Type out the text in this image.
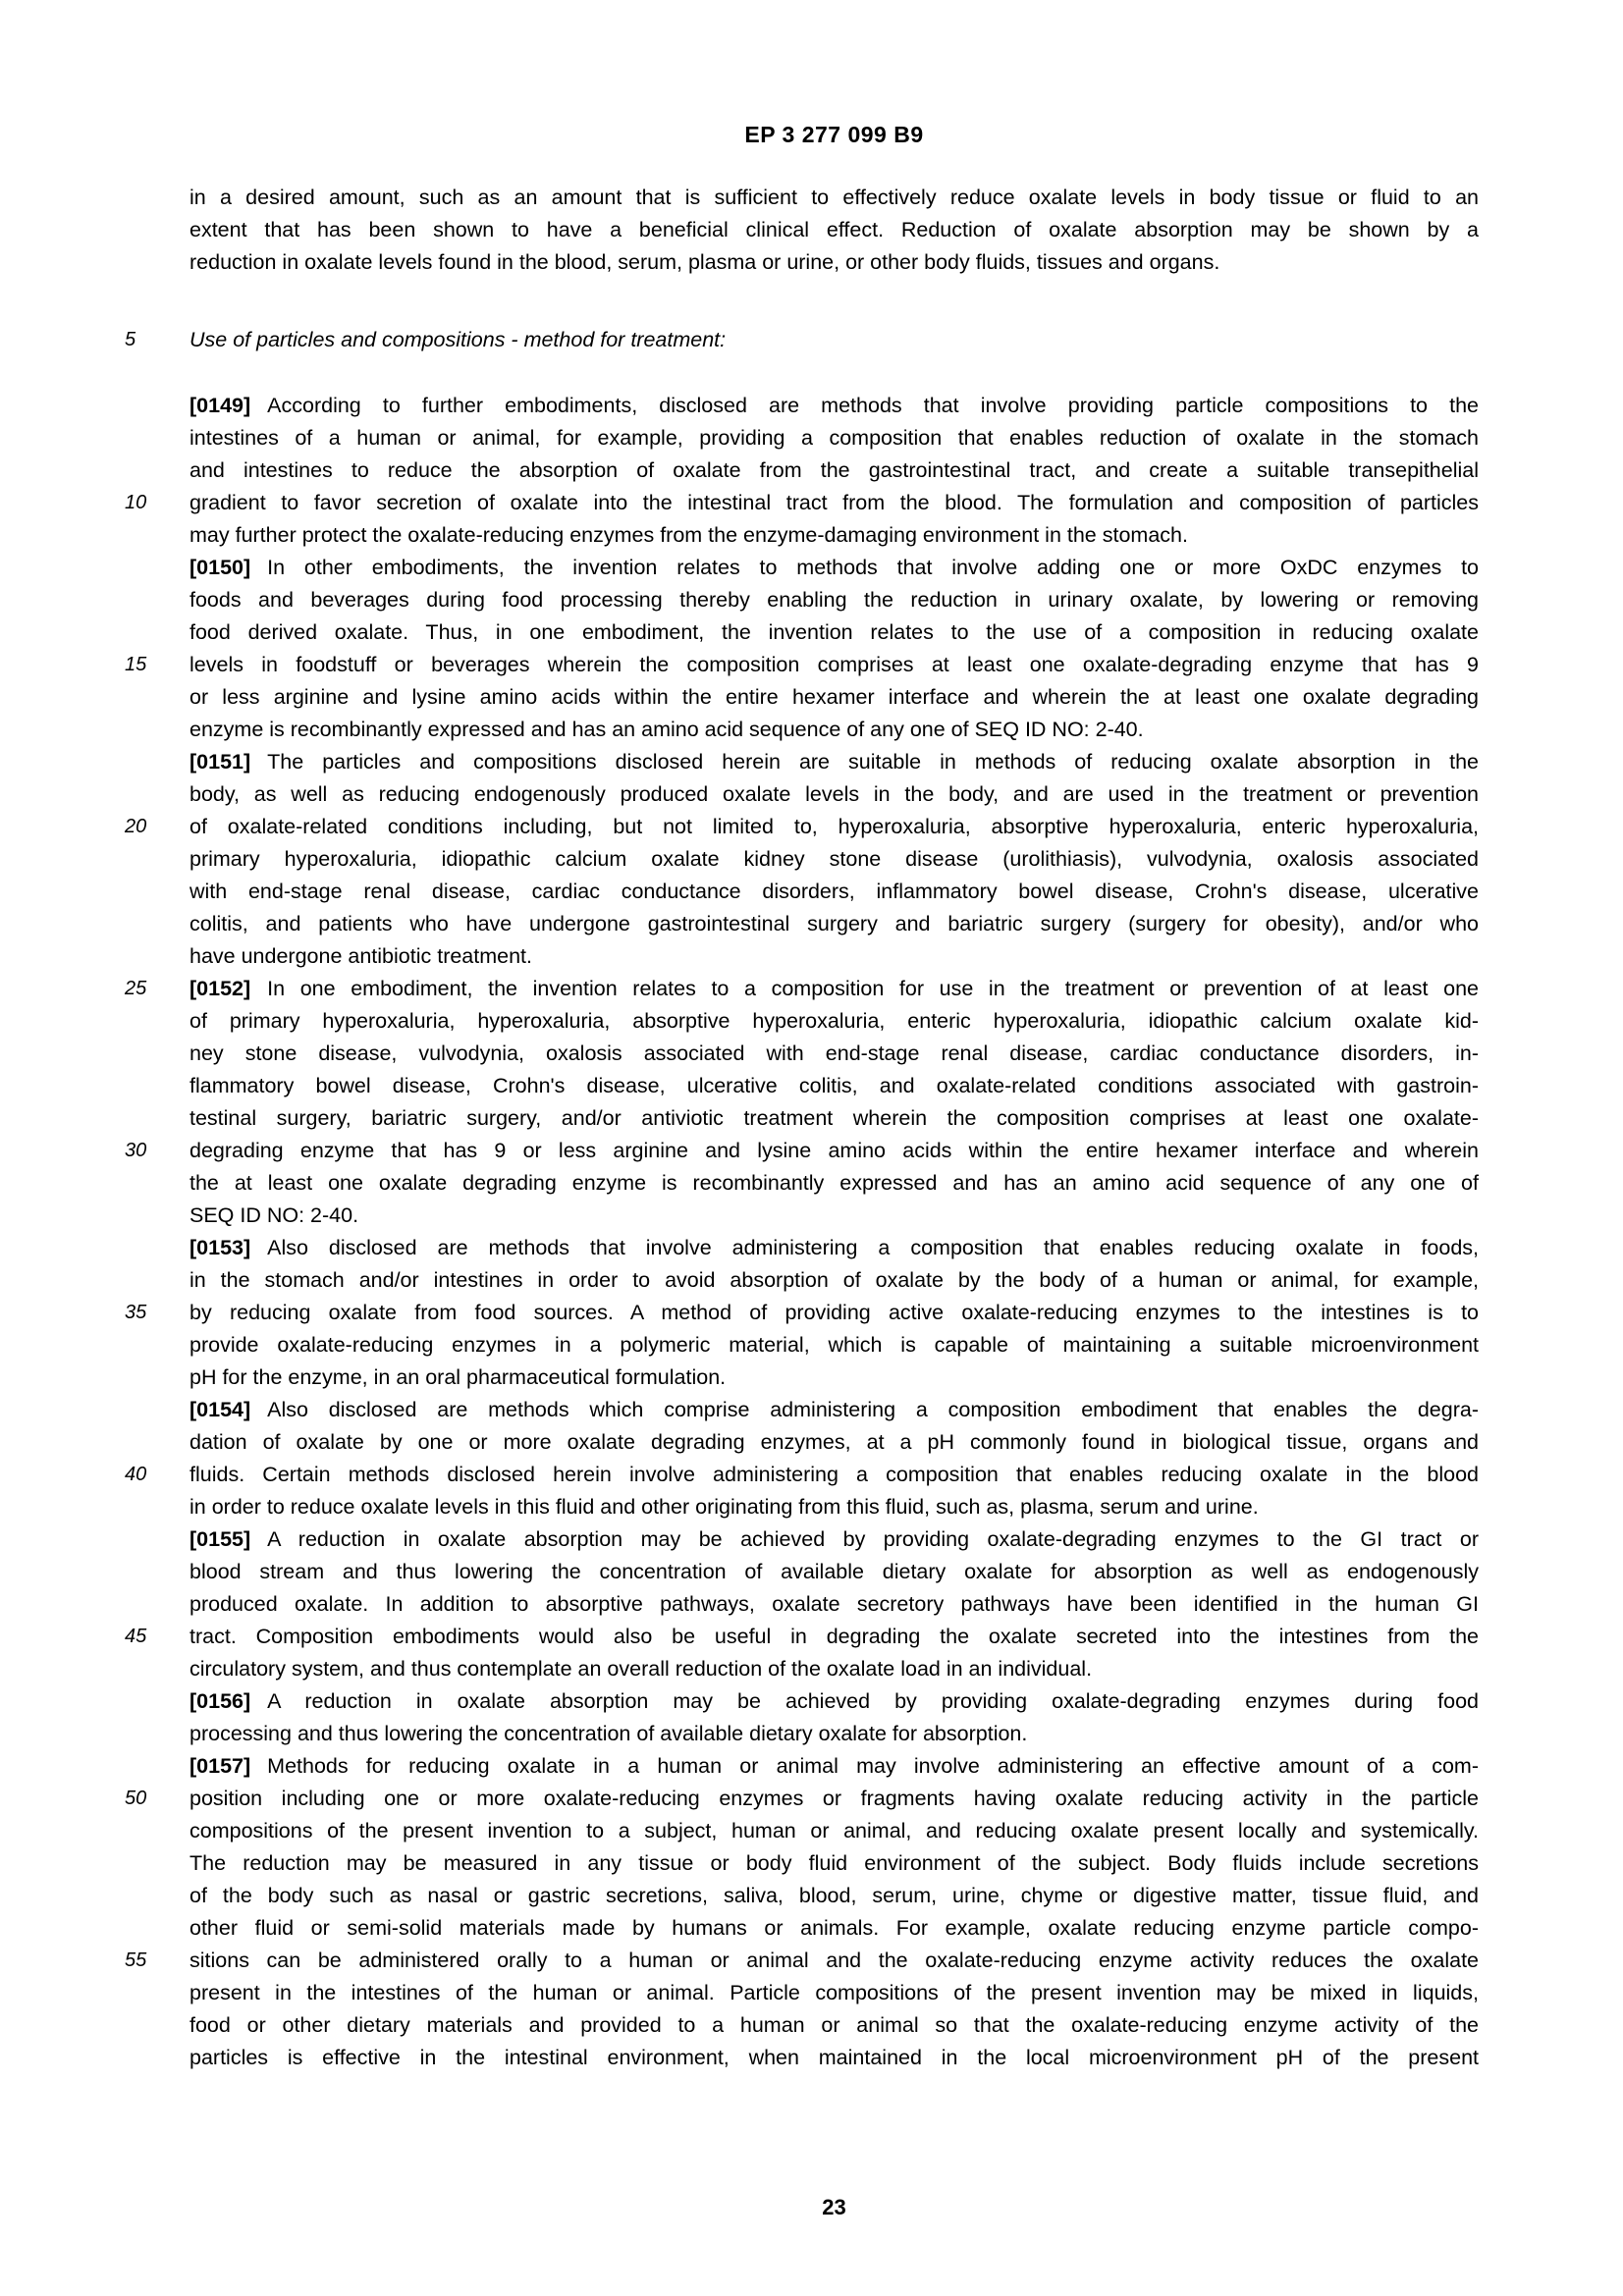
EP 3 277 099 B9
5
10
15
20
25
30
35
40
45
50
55
in a desired amount, such as an amount that is sufficient to effectively reduce oxalate levels in body tissue or fluid to an
extent that has been shown to have a beneficial clinical effect. Reduction of oxalate absorption may be shown by a
reduction in oxalate levels found in the blood, serum, plasma or urine, or other body fluids, tissues and organs.
Use of particles and compositions - method for treatment:
[0149] According to further embodiments, disclosed are methods that involve providing particle compositions to the
intestines of a human or animal, for example, providing a composition that enables reduction of oxalate in the stomach
and intestines to reduce the absorption of oxalate from the gastrointestinal tract, and create a suitable transepithelial
gradient to favor secretion of oxalate into the intestinal tract from the blood. The formulation and composition of particles
may further protect the oxalate-reducing enzymes from the enzyme-damaging environment in the stomach.
[0150] In other embodiments, the invention relates to methods that involve adding one or more OxDC enzymes to
foods and beverages during food processing thereby enabling the reduction in urinary oxalate, by lowering or removing
food derived oxalate. Thus, in one embodiment, the invention relates to the use of a composition in reducing oxalate
levels in foodstuff or beverages wherein the composition comprises at least one oxalate-degrading enzyme that has 9
or less arginine and lysine amino acids within the entire hexamer interface and wherein the at least one oxalate degrading
enzyme is recombinantly expressed and has an amino acid sequence of any one of SEQ ID NO: 2-40.
[0151] The particles and compositions disclosed herein are suitable in methods of reducing oxalate absorption in the
body, as well as reducing endogenously produced oxalate levels in the body, and are used in the treatment or prevention
of oxalate-related conditions including, but not limited to, hyperoxaluria, absorptive hyperoxaluria, enteric hyperoxaluria,
primary hyperoxaluria, idiopathic calcium oxalate kidney stone disease (urolithiasis), vulvodynia, oxalosis associated
with end-stage renal disease, cardiac conductance disorders, inflammatory bowel disease, Crohn's disease, ulcerative
colitis, and patients who have undergone gastrointestinal surgery and bariatric surgery (surgery for obesity), and/or who
have undergone antibiotic treatment.
[0152] In one embodiment, the invention relates to a composition for use in the treatment or prevention of at least one
of primary hyperoxaluria, hyperoxaluria, absorptive hyperoxaluria, enteric hyperoxaluria, idiopathic calcium oxalate kid-
ney stone disease, vulvodynia, oxalosis associated with end-stage renal disease, cardiac conductance disorders, in-
flammatory bowel disease, Crohn's disease, ulcerative colitis, and oxalate-related conditions associated with gastroin-
testinal surgery, bariatric surgery, and/or antiviotic treatment wherein the composition comprises at least one oxalate-
degrading enzyme that has 9 or less arginine and lysine amino acids within the entire hexamer interface and wherein
the at least one oxalate degrading enzyme is recombinantly expressed and has an amino acid sequence of any one of
SEQ ID NO: 2-40.
[0153] Also disclosed are methods that involve administering a composition that enables reducing oxalate in foods,
in the stomach and/or intestines in order to avoid absorption of oxalate by the body of a human or animal, for example,
by reducing oxalate from food sources. A method of providing active oxalate-reducing enzymes to the intestines is to
provide oxalate-reducing enzymes in a polymeric material, which is capable of maintaining a suitable microenvironment
pH for the enzyme, in an oral pharmaceutical formulation.
[0154] Also disclosed are methods which comprise administering a composition embodiment that enables the degra-
dation of oxalate by one or more oxalate degrading enzymes, at a pH commonly found in biological tissue, organs and
fluids. Certain methods disclosed herein involve administering a composition that enables reducing oxalate in the blood
in order to reduce oxalate levels in this fluid and other originating from this fluid, such as, plasma, serum and urine.
[0155] A reduction in oxalate absorption may be achieved by providing oxalate-degrading enzymes to the GI tract or
blood stream and thus lowering the concentration of available dietary oxalate for absorption as well as endogenously
produced oxalate. In addition to absorptive pathways, oxalate secretory pathways have been identified in the human GI
tract. Composition embodiments would also be useful in degrading the oxalate secreted into the intestines from the
circulatory system, and thus contemplate an overall reduction of the oxalate load in an individual.
[0156] A reduction in oxalate absorption may be achieved by providing oxalate-degrading enzymes during food
processing and thus lowering the concentration of available dietary oxalate for absorption.
[0157] Methods for reducing oxalate in a human or animal may involve administering an effective amount of a com-
position including one or more oxalate-reducing enzymes or fragments having oxalate reducing activity in the particle
compositions of the present invention to a subject, human or animal, and reducing oxalate present locally and systemically.
The reduction may be measured in any tissue or body fluid environment of the subject. Body fluids include secretions
of the body such as nasal or gastric secretions, saliva, blood, serum, urine, chyme or digestive matter, tissue fluid, and
other fluid or semi-solid materials made by humans or animals. For example, oxalate reducing enzyme particle compo-
sitions can be administered orally to a human or animal and the oxalate-reducing enzyme activity reduces the oxalate
present in the intestines of the human or animal. Particle compositions of the present invention may be mixed in liquids,
food or other dietary materials and provided to a human or animal so that the oxalate-reducing enzyme activity of the
particles is effective in the intestinal environment, when maintained in the local microenvironment pH of the present
23
